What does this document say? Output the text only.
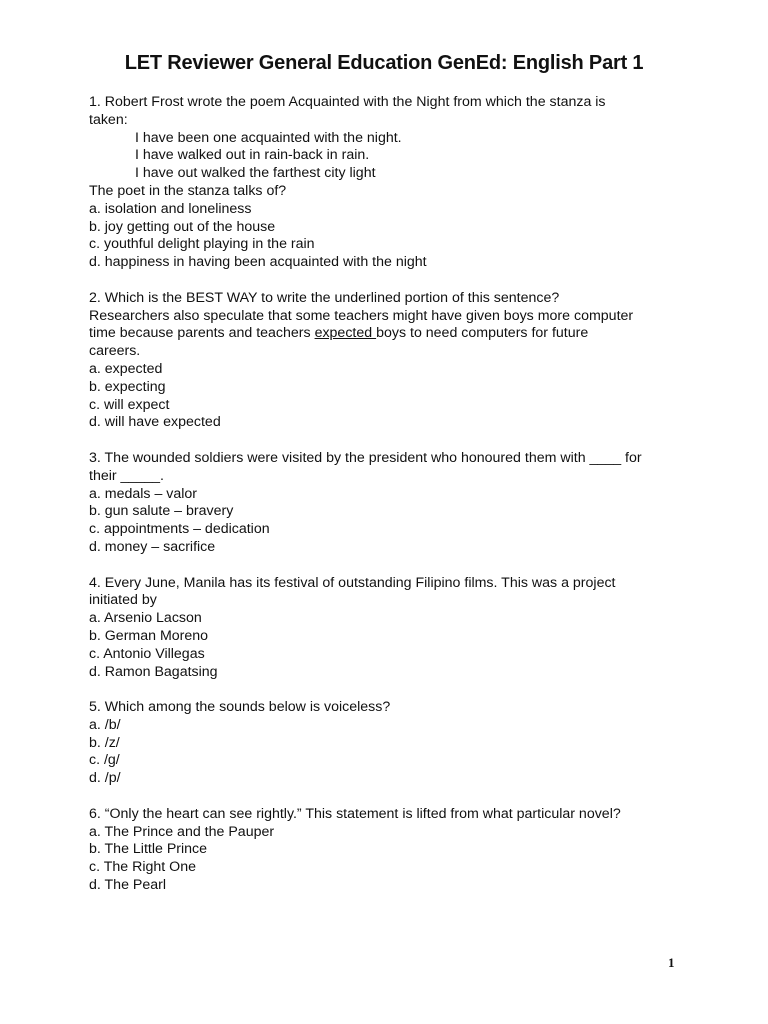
LET Reviewer General Education GenEd: English Part 1
1. Robert Frost wrote the poem Acquainted with the Night from which the stanza is
taken:
I have been one acquainted with the night.
I have walked out in rain-back in rain.
I have out walked the farthest city light
The poet in the stanza talks of?
a. isolation and loneliness
b. joy getting out of the house
c. youthful delight playing in the rain
d. happiness in having been acquainted with the night
2. Which is the BEST WAY to write the underlined portion of this sentence?
Researchers also speculate that some teachers might have given boys more computer
time because parents and teachers expected boys to need computers for future
careers.
a. expected
b. expecting
c. will expect
d. will have expected
3. The wounded soldiers were visited by the president who honoured them with ____ for
their _____.
a. medals – valor
b. gun salute – bravery
c. appointments – dedication
d. money – sacrifice
4. Every June, Manila has its festival of outstanding Filipino films. This was a project
initiated by
a. Arsenio Lacson
b. German Moreno
c. Antonio Villegas
d. Ramon Bagatsing
5. Which among the sounds below is voiceless?
a. /b/
b. /z/
c. /g/
d. /p/
6. “Only the heart can see rightly.” This statement is lifted from what particular novel?
a. The Prince and the Pauper
b. The Little Prince
c. The Right One
d. The Pearl
1
